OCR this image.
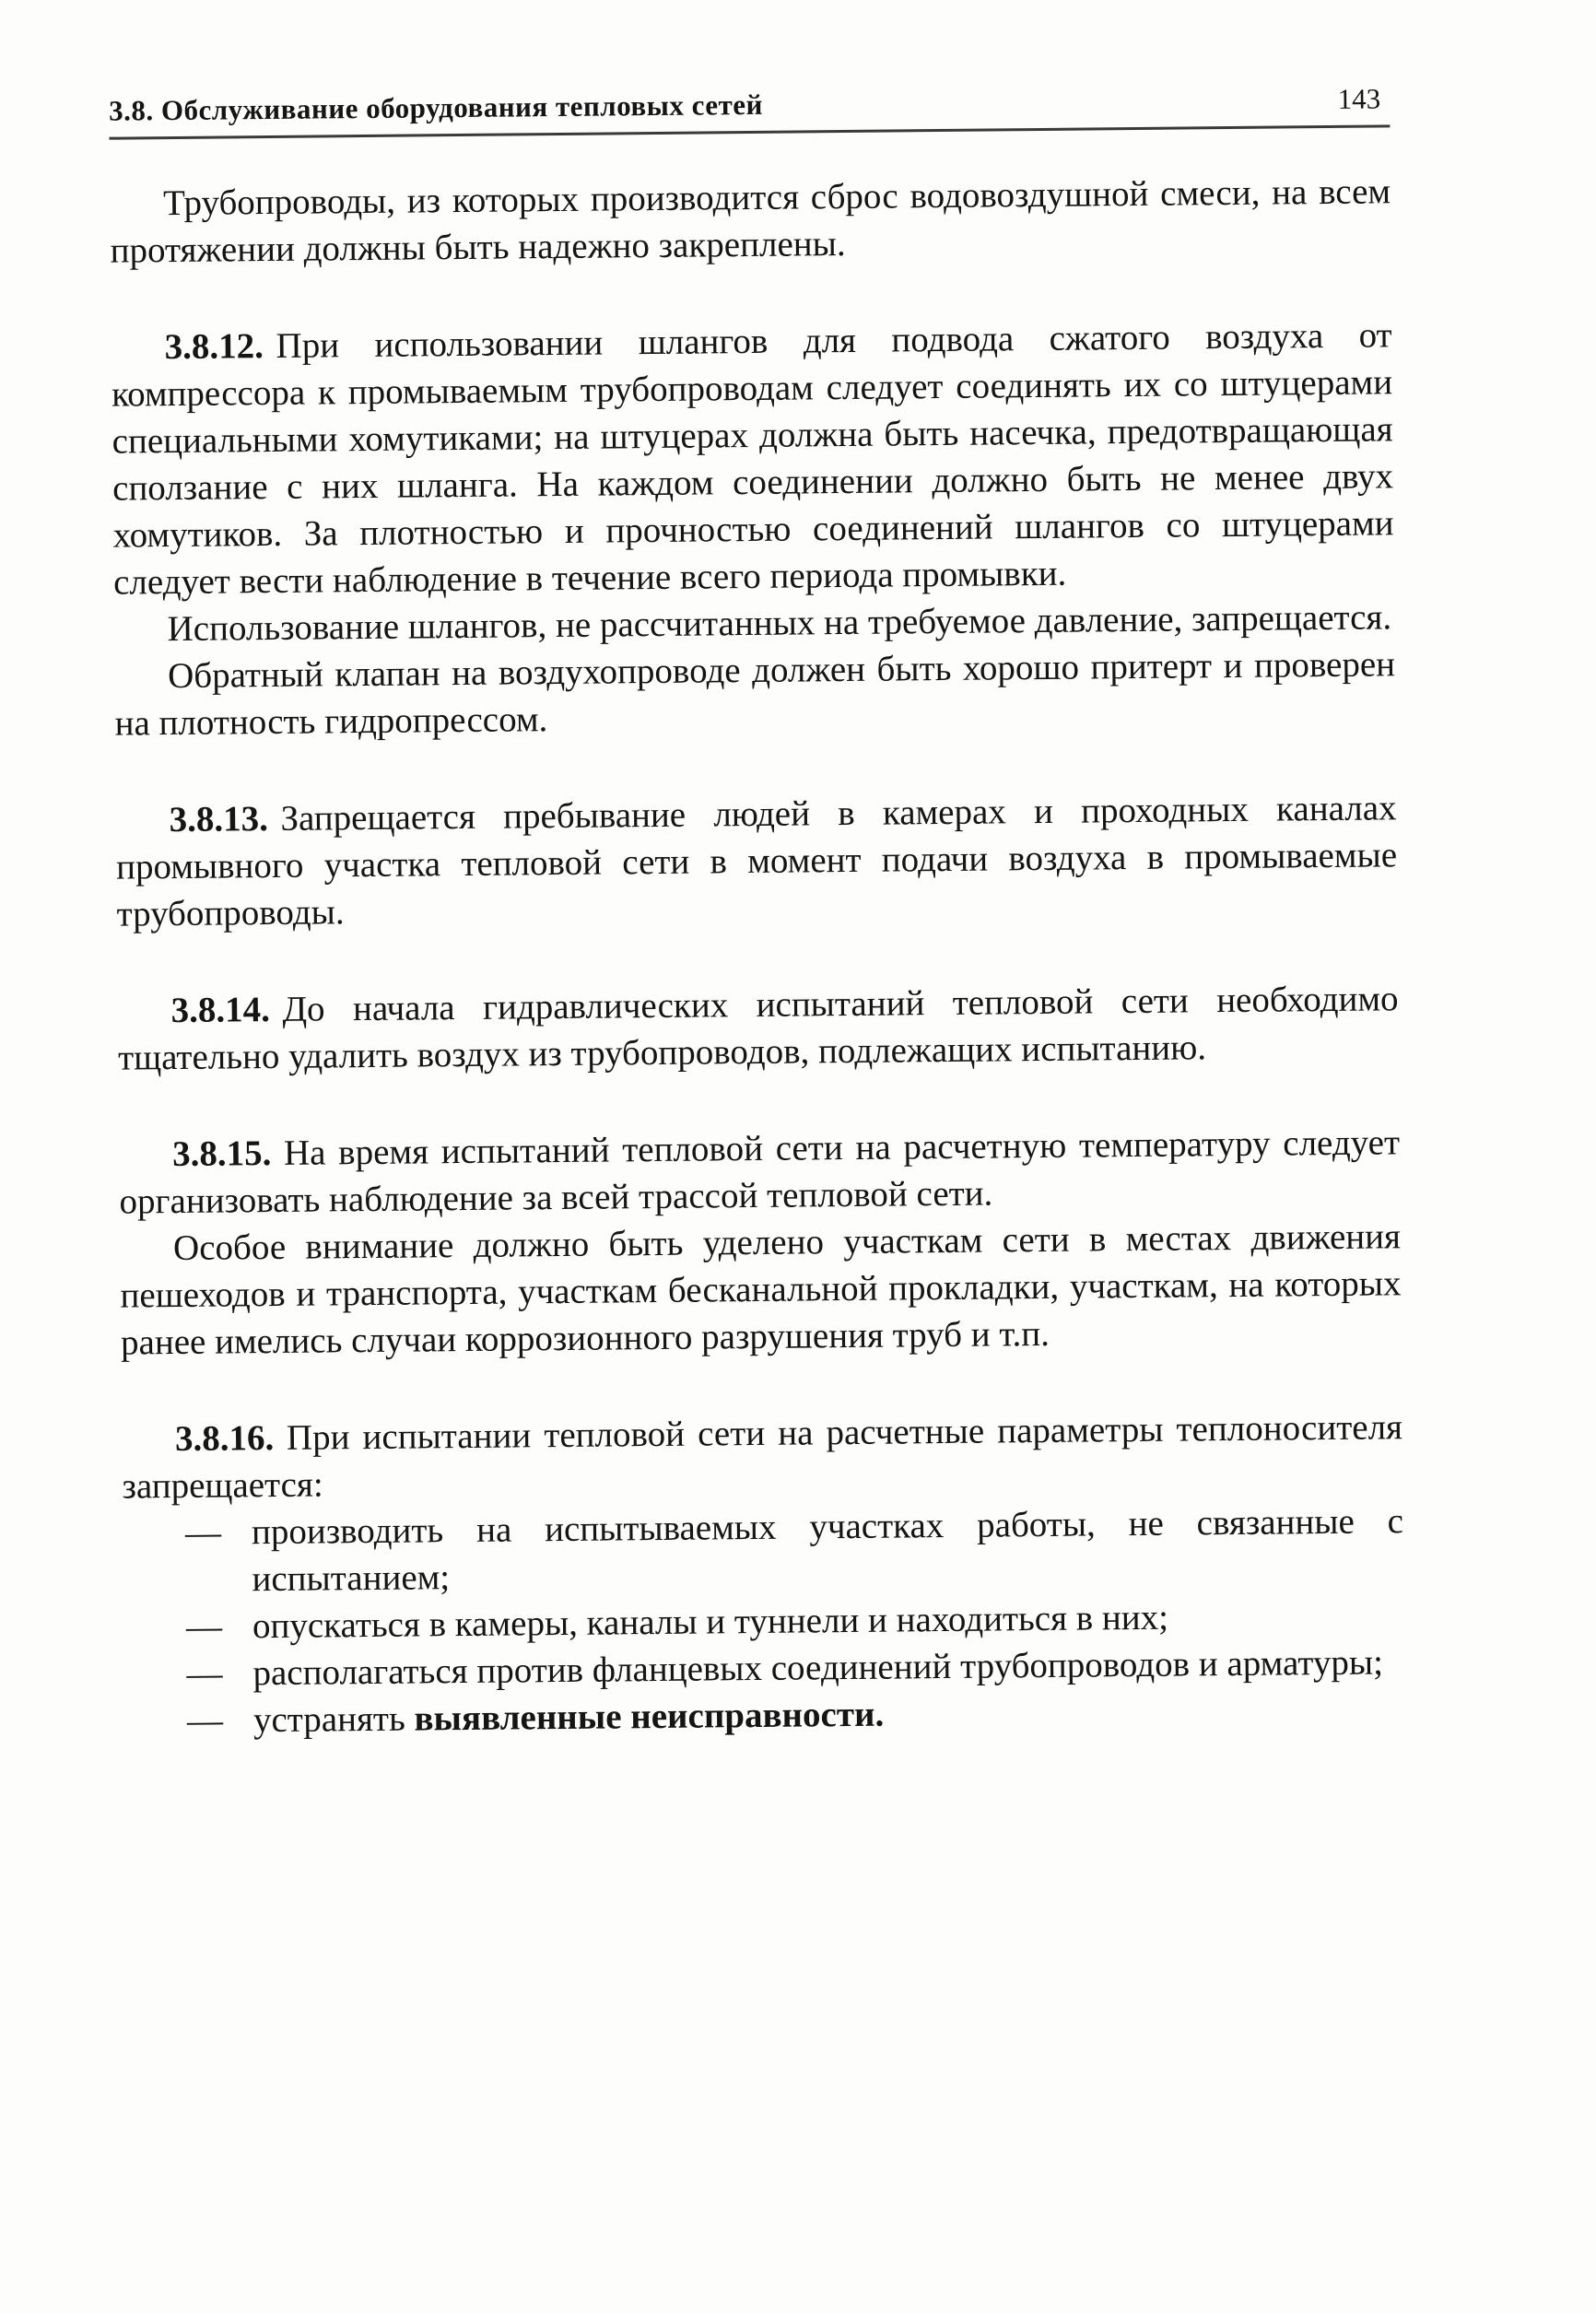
3.8. Обслуживание оборудования тепловых сетей	143

Трубопроводы, из которых производится сброс водовоздушной смеси, на всем протяжении должны быть надежно закреплены.

3.8.12. При использовании шлангов для подвода сжатого воздуха от компрессора к промываемым трубопроводам следует соединять их со штуцерами специальными хомутиками; на штуцерах должна быть насечка, предотвращающая сползание с них шланга. На каждом соединении должно быть не менее двух хомутиков. За плотностью и прочностью соединений шлангов со штуцерами следует вести наблюдение в течение всего периода промывки.

Использование шлангов, не рассчитанных на требуемое давление, запрещается.

Обратный клапан на воздухопроводе должен быть хорошо притерт и проверен на плотность гидропрессом.

3.8.13. Запрещается пребывание людей в камерах и проходных каналах промывного участка тепловой сети в момент подачи воздуха в промываемые трубопроводы.

3.8.14. До начала гидравлических испытаний тепловой сети необходимо тщательно удалить воздух из трубопроводов, подлежащих испытанию.

3.8.15. На время испытаний тепловой сети на расчетную температуру следует организовать наблюдение за всей трассой тепловой сети.

Особое внимание должно быть уделено участкам сети в местах движения пешеходов и транспорта, участкам бесканальной прокладки, участкам, на которых ранее имелись случаи коррозионного разрушения труб и т.п.

3.8.16. При испытании тепловой сети на расчетные параметры теплоносителя запрещается:

— производить на испытываемых участках работы, не связанные с испытанием;

— опускаться в камеры, каналы и туннели и находиться в них;

— располагаться против фланцевых соединений трубопроводов и арматуры;

— устранять выявленные неисправности.
